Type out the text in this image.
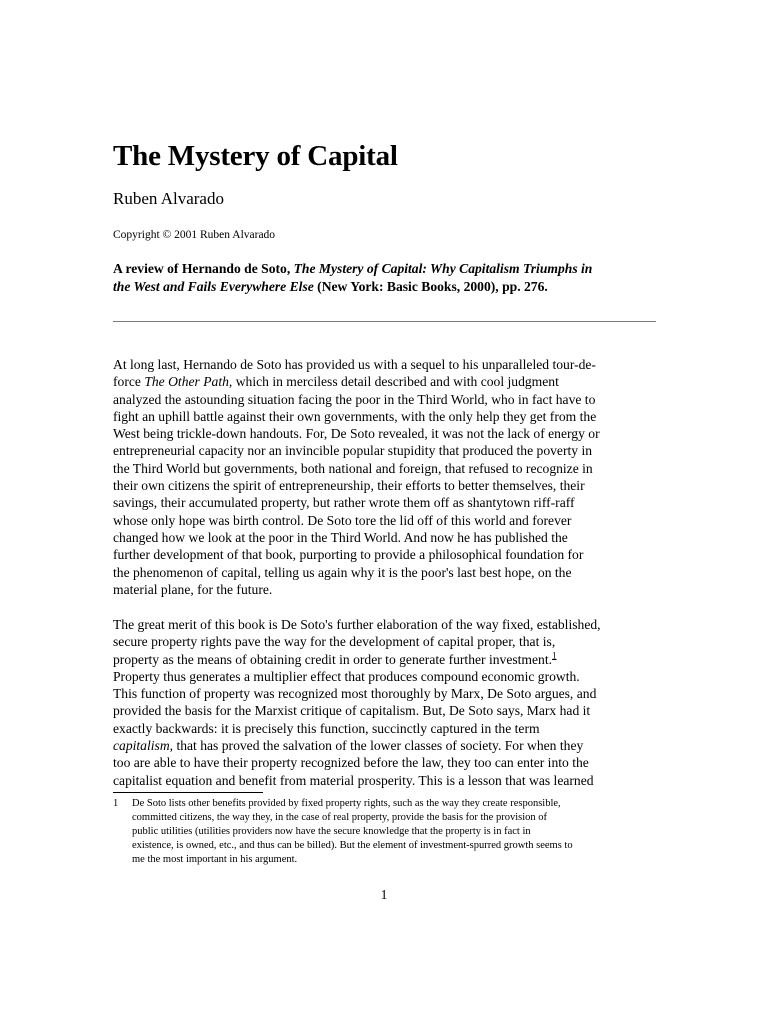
The Mystery of Capital
Ruben Alvarado
Copyright © 2001 Ruben Alvarado
A review of Hernando de Soto, The Mystery of Capital: Why Capitalism Triumphs in
the West and Fails Everywhere Else (New York: Basic Books, 2000), pp. 276.
At long last, Hernando de Soto has provided us with a sequel to his unparalleled tour-de-
force The Other Path, which in merciless detail described and with cool judgment
analyzed the astounding situation facing the poor in the Third World, who in fact have to
fight an uphill battle against their own governments, with the only help they get from the
West being trickle-down handouts. For, De Soto revealed, it was not the lack of energy or
entrepreneurial capacity nor an invincible popular stupidity that produced the poverty in
the Third World but governments, both national and foreign, that refused to recognize in
their own citizens the spirit of entrepreneurship, their efforts to better themselves, their
savings, their accumulated property, but rather wrote them off as shantytown riff-raff
whose only hope was birth control. De Soto tore the lid off of this world and forever
changed how we look at the poor in the Third World. And now he has published the
further development of that book, purporting to provide a philosophical foundation for
the phenomenon of capital, telling us again why it is the poor's last best hope, on the
material plane, for the future.
The great merit of this book is De Soto's further elaboration of the way fixed, established,
secure property rights pave the way for the development of capital proper, that is,
property as the means of obtaining credit in order to generate further investment.$^1$
Property thus generates a multiplier effect that produces compound economic growth.
This function of property was recognized most thoroughly by Marx, De Soto argues, and
provided the basis for the Marxist critique of capitalism. But, De Soto says, Marx had it
exactly backwards: it is precisely this function, succinctly captured in the term
capitalism, that has proved the salvation of the lower classes of society. For when they
too are able to have their property recognized before the law, they too can enter into the
capitalist equation and benefit from material prosperity. This is a lesson that was learned
1	De Soto lists other benefits provided by fixed property rights, such as the way they create responsible,
committed citizens, the way they, in the case of real property, provide the basis for the provision of
public utilities (utilities providers now have the secure knowledge that the property is in fact in
existence, is owned, etc., and thus can be billed). But the element of investment-spurred growth seems to
me the most important in his argument.
1
